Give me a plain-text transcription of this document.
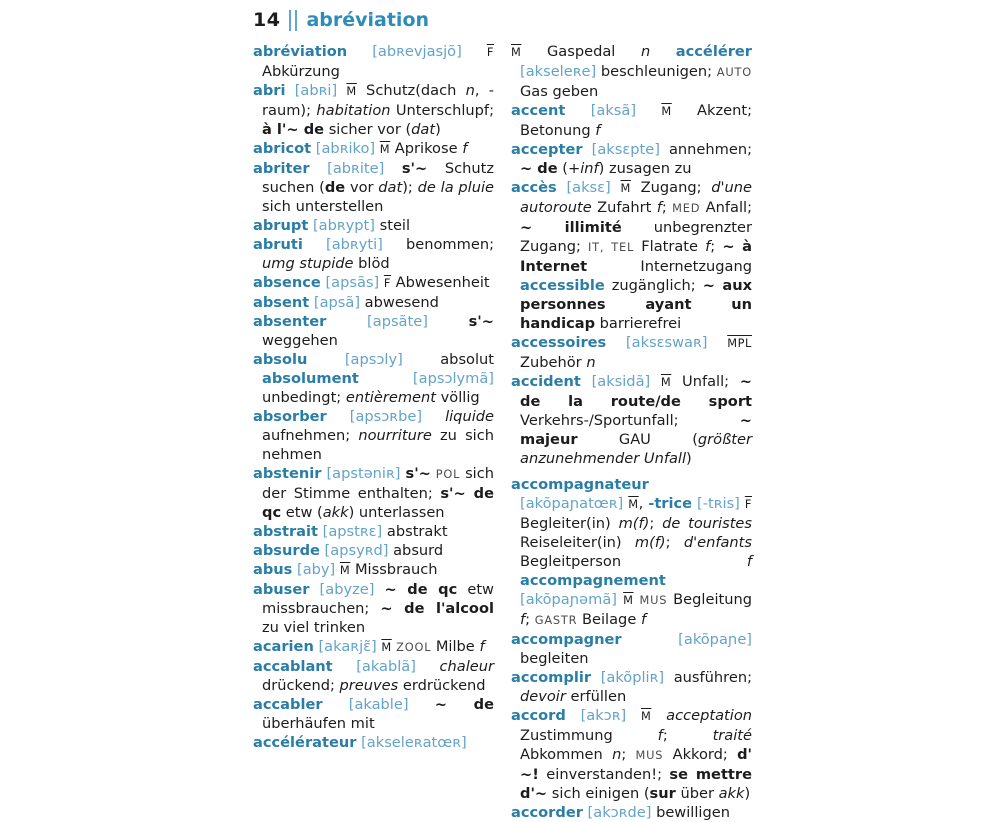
14 abréviation

abréviation [abʀevjasjõ] $\overline{F}$ Abkürzung

abri [abʀi] $\overline{M}$ Schutz(dach n, -raum); habitation Unterschlupf; à l'~ de sicher vor (dat)

abricot [abʀiko] $\overline{M}$ Aprikose f

abriter [abʀite] s'~ Schutz suchen (de vor dat); de la pluie sich unterstellen

abrupt [abʀypt] steil

abruti [abʀyti] benommen; umg stupide blöd

absence [apsãs] $\overline{F}$ Abwesenheit

absent [apsã] abwesend

absenter [apsãte] s'~ weggehen

absolu [apsɔly] absolut absolument [apsɔlymã] unbedingt; entièrement völlig

absorber [apsɔʀbe] liquide aufnehmen; nourriture zu sich nehmen

abstenir [apstəniʀ] s'~ POL sich der Stimme enthalten; s'~ de qc etw (akk) unterlassen

abstrait [apstʀɛ] abstrakt

absurde [apsyʀd] absurd

abus [aby] $\overline{M}$ Missbrauch

abuser [abyze] ~ de qc etw missbrauchen; ~ de l'alcool zu viel trinken

acarien [akaʀjɛ̃] $\overline{M}$ ZOOL Milbe f

accablant [akablã] chaleur drückend; preuves erdrückend

accabler [akable] ~ de überhäufen mit

accélérateur [akseleʀatœʀ]

$\overline{M}$ Gaspedal n accélérer [akseleʀe] beschleunigen; AUTO Gas geben

accent [aksã] $\overline{M}$ Akzent; Betonung f

accepter [aksɛpte] annehmen; ~ de (+inf) zusagen zu

accès [aksɛ] $\overline{M}$ Zugang; d'une autoroute Zufahrt f; MED Anfall; ~ illimité unbegrenzter Zugang; IT, TEL Flatrate f; ~ à Internet Internetzugang accessible zugänglich; ~ aux personnes ayant un handicap barrierefrei

accessoires [aksɛswaʀ] $\overline{MPL}$ Zubehör n

accident [aksidã] $\overline{M}$ Unfall; ~ de la route/de sport Verkehrs-/Sportunfall; ~ majeur GAU (größter anzunehmender Unfall)

accompagnateur [akõpaɲatœʀ] $\overline{M}$, -trice [-tʀis] $\overline{F}$ Begleiter(in) m(f); de touristes Reiseleiter(in) m(f); d'enfants Begleitperson f accompagnement [akõpaɲəmã] $\overline{M}$ MUS Begleitung f; GASTR Beilage f

accompagner [akõpaɲe] begleiten

accomplir [akõpliʀ] ausführen; devoir erfüllen

accord [akɔʀ] $\overline{M}$ acceptation Zustimmung f; traité Abkommen n; MUS Akkord; d' ~! einverstanden!; se mettre d'~ sich einigen (sur über akk)

accorder [akɔʀde] bewilligen
